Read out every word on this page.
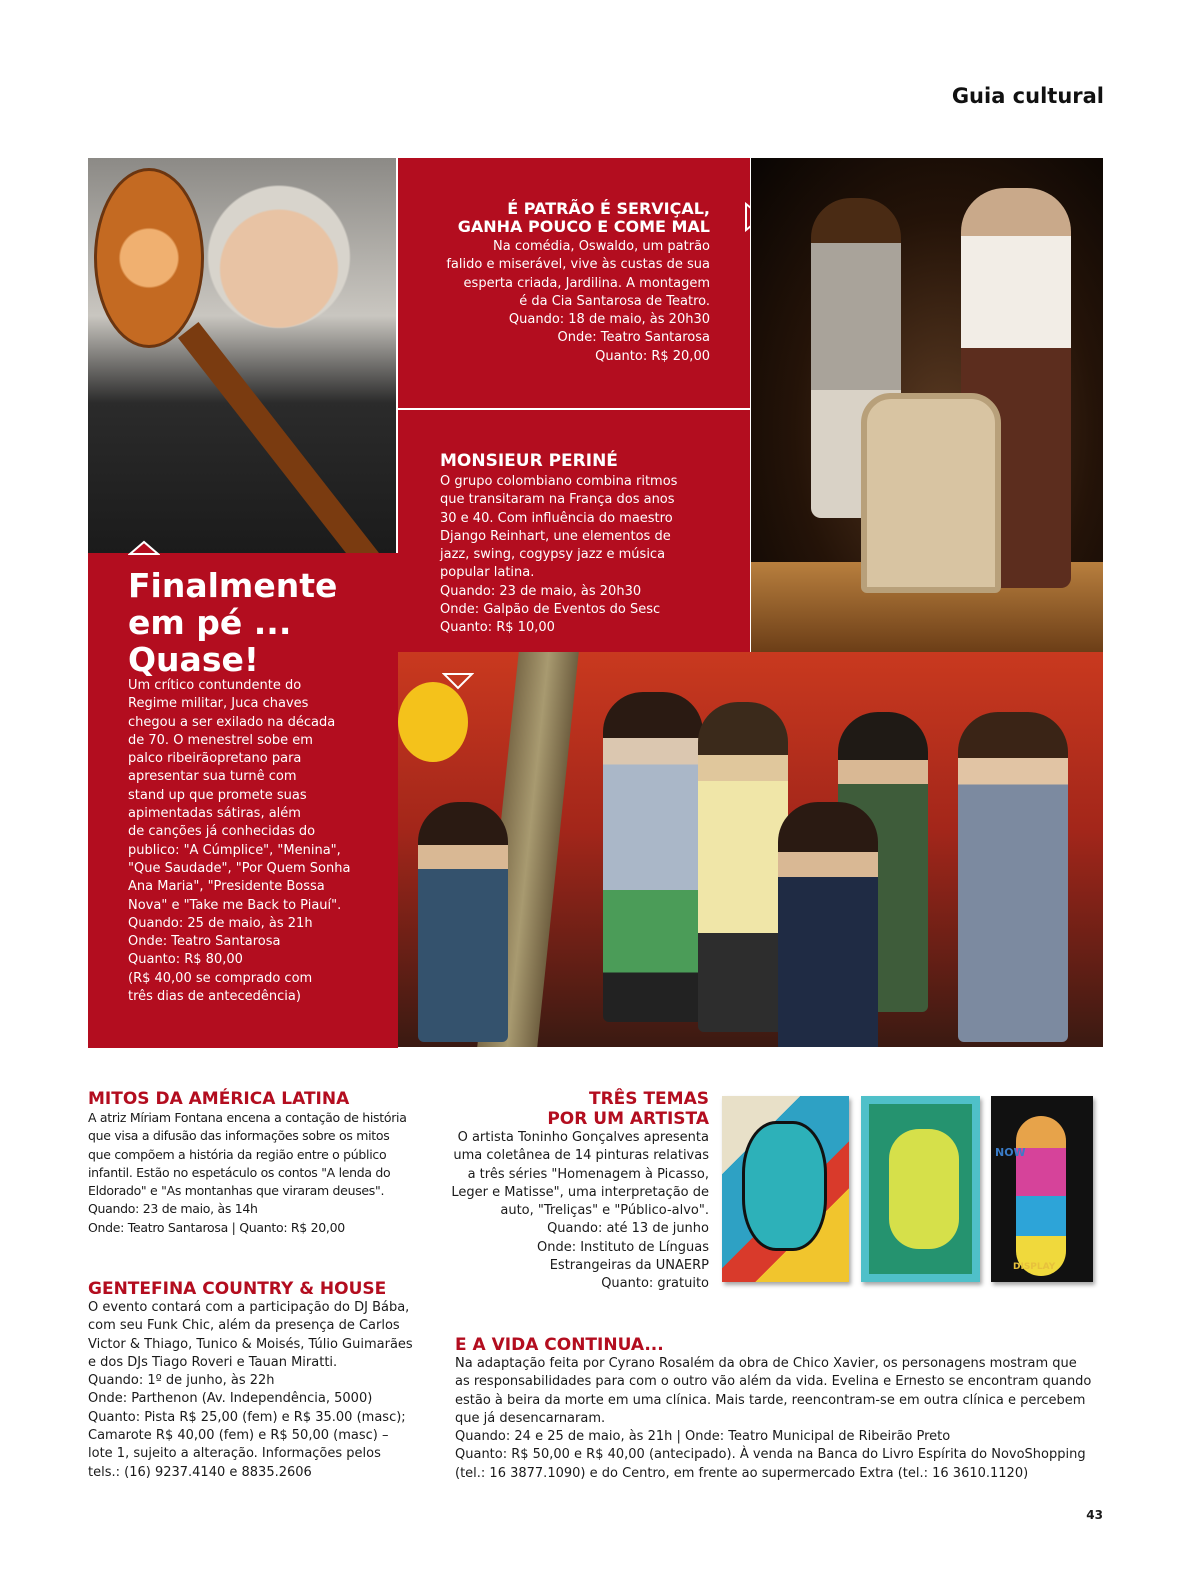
Guia cultural
É PATRÃO É SERVIÇAL,
GANHA POUCO E COME MAL
Na comédia, Oswaldo, um patrão
falido e miserável, vive às custas de sua
esperta criada, Jardilina. A montagem
é da Cia Santarosa de Teatro.
Quando: 18 de maio, às 20h30
Onde: Teatro Santarosa
Quanto: R$ 20,00
MONSIEUR PERINÉ
O grupo colombiano combina ritmos
que transitaram na França dos anos
30 e 40. Com influência do maestro
Django Reinhart, une elementos de
jazz, swing, cogypsy jazz e música
popular latina.
Quando: 23 de maio, às 20h30
Onde: Galpão de Eventos do Sesc
Quanto: R$ 10,00
Finalmente
em pé ...
Quase!
Um crítico contundente do
Regime militar, Juca chaves
chegou a ser exilado na década
de 70. O menestrel sobe em
palco ribeirãopretano para
apresentar sua turnê com
stand up que promete suas
apimentadas sátiras, além
de canções já conhecidas do
publico: "A Cúmplice", "Menina",
"Que Saudade", "Por Quem Sonha
Ana Maria", "Presidente Bossa
Nova" e "Take me Back to Piauí".
Quando: 25 de maio, às 21h
Onde: Teatro Santarosa
Quanto: R$ 80,00
(R$ 40,00 se comprado com
três dias de antecedência)
MITOS DA AMÉRICA LATINA
A atriz Míriam Fontana encena a contação de história
que visa a difusão das informações sobre os mitos
que compõem a história da região entre o público
infantil. Estão no espetáculo os contos "A lenda do
Eldorado" e "As montanhas que viraram deuses".
Quando: 23 de maio, às 14h
Onde: Teatro Santarosa | Quanto: R$ 20,00
GENTEFINA COUNTRY & HOUSE
O evento contará com a participação do DJ Bába,
com seu Funk Chic, além da presença de Carlos
Victor & Thiago, Tunico & Moisés, Túlio Guimarães
e dos DJs Tiago Roveri e Tauan Miratti.
Quando: 1º de junho, às 22h
Onde: Parthenon (Av. Independência, 5000)
Quanto: Pista R$ 25,00 (fem) e R$ 35.00 (masc);
Camarote R$ 40,00 (fem) e R$ 50,00 (masc) –
lote 1, sujeito a alteração. Informações pelos
tels.: (16) 9237.4140 e 8835.2606
TRÊS TEMAS
POR UM ARTISTA
O artista Toninho Gonçalves apresenta
uma coletânea de 14 pinturas relativas
a três séries "Homenagem à Picasso,
Leger e Matisse", uma interpretação de
auto, "Treliças" e "Público-alvo".
Quando: até 13 de junho
Onde: Instituto de Línguas
Estrangeiras da UNAERP
Quanto: gratuito
NOW
DISPLAY
E A VIDA CONTINUA...
Na adaptação feita por Cyrano Rosalém da obra de Chico Xavier, os personagens mostram que
as responsabilidades para com o outro vão além da vida. Evelina e Ernesto se encontram quando
estão à beira da morte em uma clínica. Mais tarde, reencontram-se em outra clínica e percebem
que já desencarnaram.
Quando: 24 e 25 de maio, às 21h | Onde: Teatro Municipal de Ribeirão Preto
Quanto: R$ 50,00 e R$ 40,00 (antecipado). À venda na Banca do Livro Espírita do NovoShopping
(tel.: 16 3877.1090) e do Centro, em frente ao supermercado Extra (tel.: 16 3610.1120)
43
